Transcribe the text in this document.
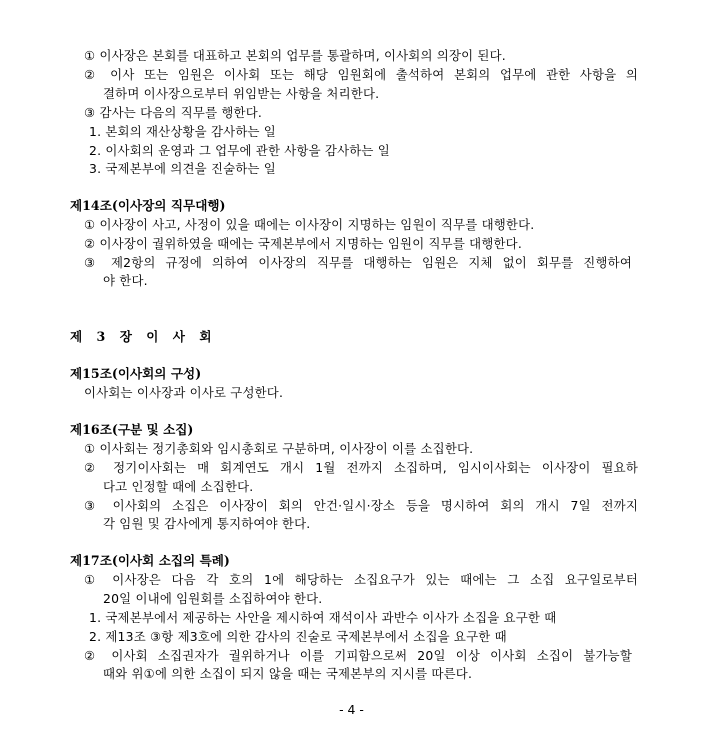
① 이사장은 본회를 대표하고 본회의 업무를 통괄하며, 이사회의 의장이 된다.
② 이사 또는 임원은 이사회 또는 해당 임원회에 출석하여 본회의 업무에 관한 사항을 의
결하며 이사장으로부터 위임받는 사항을 처리한다.
③ 감사는 다음의 직무를 행한다.
1. 본회의 재산상황을 감사하는 일
2. 이사회의 운영과 그 업무에 관한 사항을 감사하는 일
3. 국제본부에 의견을 진술하는 일
제14조(이사장의 직무대행)
① 이사장이 사고, 사정이 있을 때에는 이사장이 지명하는 임원이 직무를 대행한다.
② 이사장이 궐위하였을 때에는 국제본부에서 지명하는 임원이 직무를 대행한다.
③ 제2항의 규정에 의하여 이사장의 직무를 대행하는 임원은 지체 없이 회무를 진행하여
야 한다.
제 3 장 이 사 회
제15조(이사회의 구성)
이사회는 이사장과 이사로 구성한다.
제16조(구분 및 소집)
① 이사회는 정기총회와 임시총회로 구분하며, 이사장이 이를 소집한다.
② 정기이사회는 매 회계연도 개시 1월 전까지 소집하며, 임시이사회는 이사장이 필요하
다고 인정할 때에 소집한다.
③ 이사회의 소집은 이사장이 회의 안건·일시·장소 등을 명시하여 회의 개시 7일 전까지
각 임원 및 감사에게 통지하여야 한다.
제17조(이사회 소집의 특례)
① 이사장은 다음 각 호의 1에 해당하는 소집요구가 있는 때에는 그 소집 요구일로부터
20일 이내에 임원회를 소집하여야 한다.
1. 국제본부에서 제공하는 사안을 제시하여 재석이사 과반수 이사가 소집을 요구한 때
2. 제13조 ③항 제3호에 의한 감사의 진술로 국제본부에서 소집을 요구한 때
② 이사회 소집권자가 궐위하거나 이를 기피함으로써 20일 이상 이사회 소집이 불가능할
때와 위①에 의한 소집이 되지 않을 때는 국제본부의 지시를 따른다.
- 4 -
